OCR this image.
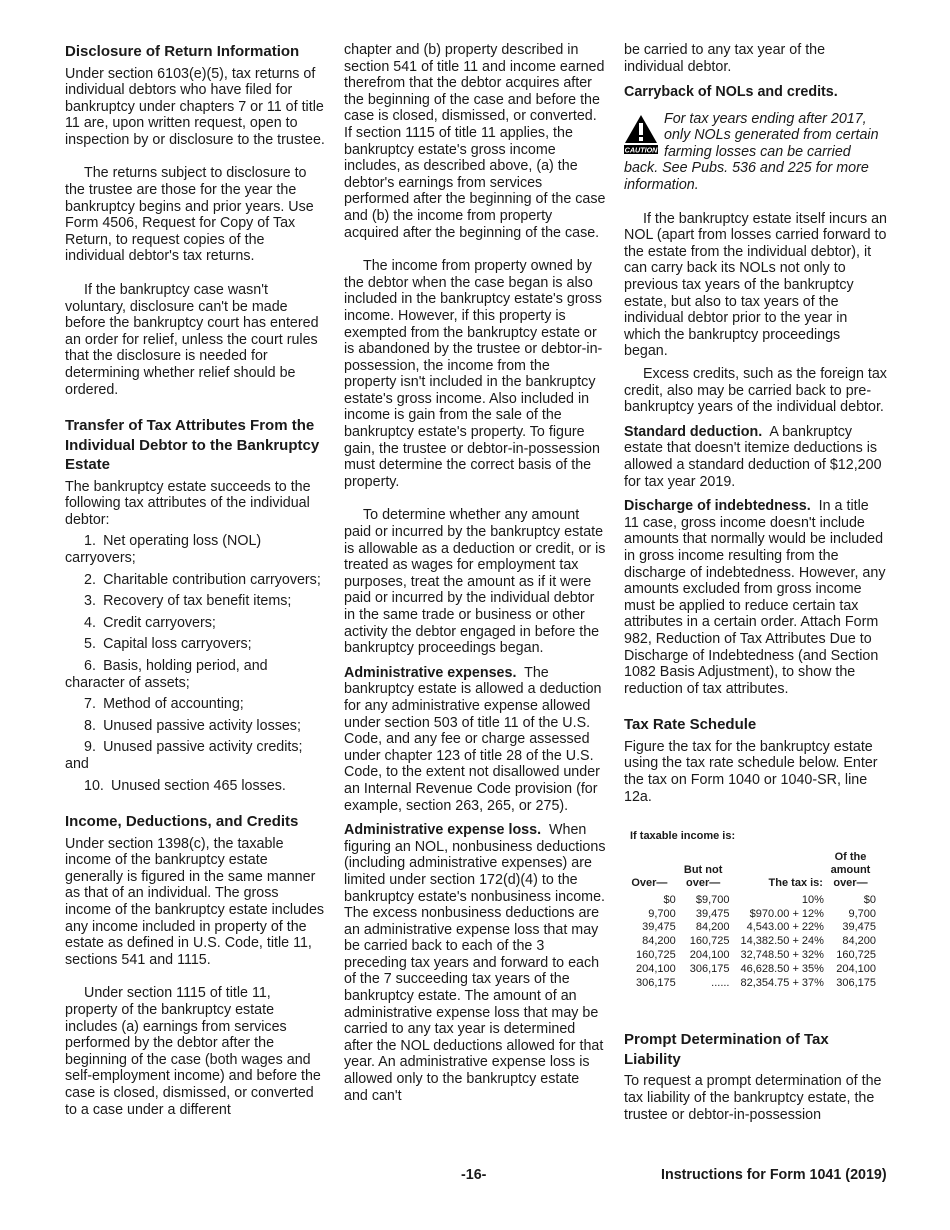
Disclosure of Return Information

Under section 6103(e)(5), tax returns of individual debtors who have filed for bankruptcy under chapters 7 or 11 of title 11 are, upon written request, open to inspection by or disclosure to the trustee.

The returns subject to disclosure to the trustee are those for the year the bankruptcy begins and prior years. Use Form 4506, Request for Copy of Tax Return, to request copies of the individual debtor's tax returns.

If the bankruptcy case wasn't voluntary, disclosure can't be made before the bankruptcy court has entered an order for relief, unless the court rules that the disclosure is needed for determining whether relief should be ordered.

Transfer of Tax Attributes From the Individual Debtor to the Bankruptcy Estate

The bankruptcy estate succeeds to the following tax attributes of the individual debtor:

1. Net operating loss (NOL) carryovers;

2. Charitable contribution carryovers;

3. Recovery of tax benefit items;

4. Credit carryovers;

5. Capital loss carryovers;

6. Basis, holding period, and character of assets;

7. Method of accounting;

8. Unused passive activity losses;

9. Unused passive activity credits; and

10. Unused section 465 losses.

Income, Deductions, and Credits

Under section 1398(c), the taxable income of the bankruptcy estate generally is figured in the same manner as that of an individual. The gross income of the bankruptcy estate includes any income included in property of the estate as defined in U.S. Code, title 11, sections 541 and 1115.

Under section 1115 of title 11, property of the bankruptcy estate includes (a) earnings from services performed by the debtor after the beginning of the case (both wages and self-employment income) and before the case is closed, dismissed, or converted to a case under a different

chapter and (b) property described in section 541 of title 11 and income earned therefrom that the debtor acquires after the beginning of the case and before the case is closed, dismissed, or converted. If section 1115 of title 11 applies, the bankruptcy estate's gross income includes, as described above, (a) the debtor's earnings from services performed after the beginning of the case and (b) the income from property acquired after the beginning of the case.

The income from property owned by the debtor when the case began is also included in the bankruptcy estate's gross income. However, if this property is exempted from the bankruptcy estate or is abandoned by the trustee or debtor-in-possession, the income from the property isn't included in the bankruptcy estate's gross income. Also included in income is gain from the sale of the bankruptcy estate's property. To figure gain, the trustee or debtor-in-possession must determine the correct basis of the property.

To determine whether any amount paid or incurred by the bankruptcy estate is allowable as a deduction or credit, or is treated as wages for employment tax purposes, treat the amount as if it were paid or incurred by the individual debtor in the same trade or business or other activity the debtor engaged in before the bankruptcy proceedings began.

Administrative expenses. The bankruptcy estate is allowed a deduction for any administrative expense allowed under section 503 of title 11 of the U.S. Code, and any fee or charge assessed under chapter 123 of title 28 of the U.S. Code, to the extent not disallowed under an Internal Revenue Code provision (for example, section 263, 265, or 275).

Administrative expense loss. When figuring an NOL, nonbusiness deductions (including administrative expenses) are limited under section 172(d)(4) to the bankruptcy estate's nonbusiness income. The excess nonbusiness deductions are an administrative expense loss that may be carried back to each of the 3 preceding tax years and forward to each of the 7 succeeding tax years of the bankruptcy estate. The amount of an administrative expense loss that may be carried to any tax year is determined after the NOL deductions allowed for that year. An administrative expense loss is allowed only to the bankruptcy estate and can't

be carried to any tax year of the individual debtor.

Carryback of NOLs and credits.
CAUTION
For tax years ending after 2017, only NOLs generated from certain farming losses can be carried back. See Pubs. 536 and 225 for more information.

If the bankruptcy estate itself incurs an NOL (apart from losses carried forward to the estate from the individual debtor), it can carry back its NOLs not only to previous tax years of the bankruptcy estate, but also to tax years of the individual debtor prior to the year in which the bankruptcy proceedings began.

Excess credits, such as the foreign tax credit, also may be carried back to pre-bankruptcy years of the individual debtor.

Standard deduction. A bankruptcy estate that doesn't itemize deductions is allowed a standard deduction of $12,200 for tax year 2019.

Discharge of indebtedness. In a title 11 case, gross income doesn't include amounts that normally would be included in gross income resulting from the discharge of indebtedness. However, any amounts excluded from gross income must be applied to reduce certain tax attributes in a certain order. Attach Form 982, Reduction of Tax Attributes Due to Discharge of Indebtedness (and Section 1082 Basis Adjustment), to show the reduction of tax attributes.

Tax Rate Schedule

Figure the tax for the bankruptcy estate using the tax rate schedule below. Enter the tax on Form 1040 or 1040-SR, line 12a.

If taxable income is:
Over—	But not over—	The tax is:	Of the amount over—
$0	$9,700	10%	$0
9,700	39,475	$970.00 + 12%	9,700
39,475	84,200	4,543.00 + 22%	39,475
84,200	160,725	14,382.50 + 24%	84,200
160,725	204,100	32,748.50 + 32%	160,725
204,100	306,175	46,628.50 + 35%	204,100
306,175	......	82,354.75 + 37%	306,175
Prompt Determination of Tax Liability

To request a prompt determination of the tax liability of the bankruptcy estate, the trustee or debtor-in-possession

-16-	Instructions for Form 1041 (2019)
